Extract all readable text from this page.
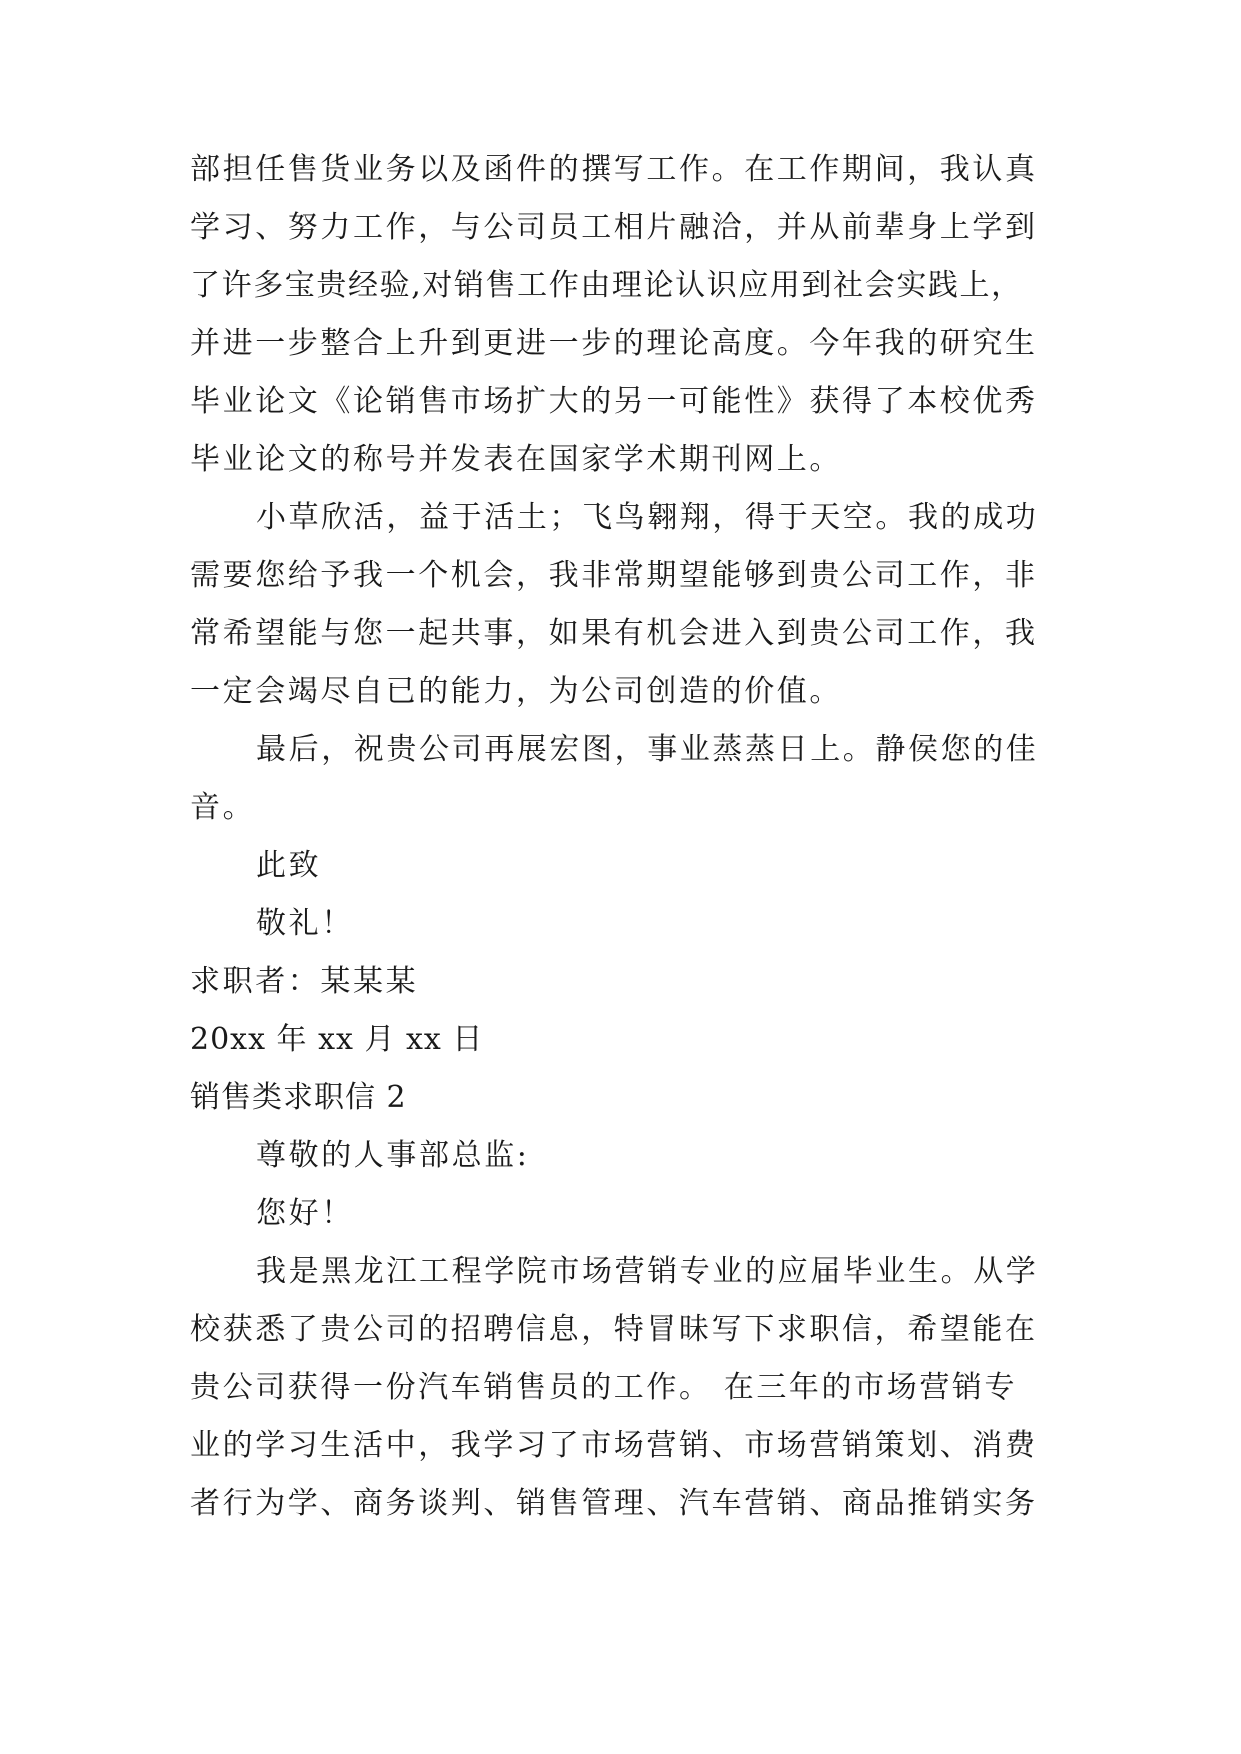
部担任售货业务以及函件的撰写工作。在工作期间，我认真
学习、努力工作，与公司员工相片融洽，并从前辈身上学到
了许多宝贵经验,对销售工作由理论认识应用到社会实践上，
并进一步整合上升到更进一步的理论高度。今年我的研究生
毕业论文《论销售市场扩大的另一可能性》获得了本校优秀
毕业论文的称号并发表在国家学术期刊网上。
小草欣活，益于活土；飞鸟翱翔，得于天空。我的成功
需要您给予我一个机会，我非常期望能够到贵公司工作，非
常希望能与您一起共事，如果有机会进入到贵公司工作，我
一定会竭尽自已的能力，为公司创造的价值。
最后，祝贵公司再展宏图，事业蒸蒸日上。静侯您的佳
音。
此致
敬礼！
求职者：某某某
20xx 年 xx 月 xx 日
销售类求职信 2
尊敬的人事部总监:
您好！
我是黑龙江工程学院市场营销专业的应届毕业生。从学
校获悉了贵公司的招聘信息，特冒昧写下求职信，希望能在
贵公司获得一份汽车销售员的工作。 在三年的市场营销专
业的学习生活中，我学习了市场营销、市场营销策划、消费
者行为学、商务谈判、销售管理、汽车营销、商品推销实务
